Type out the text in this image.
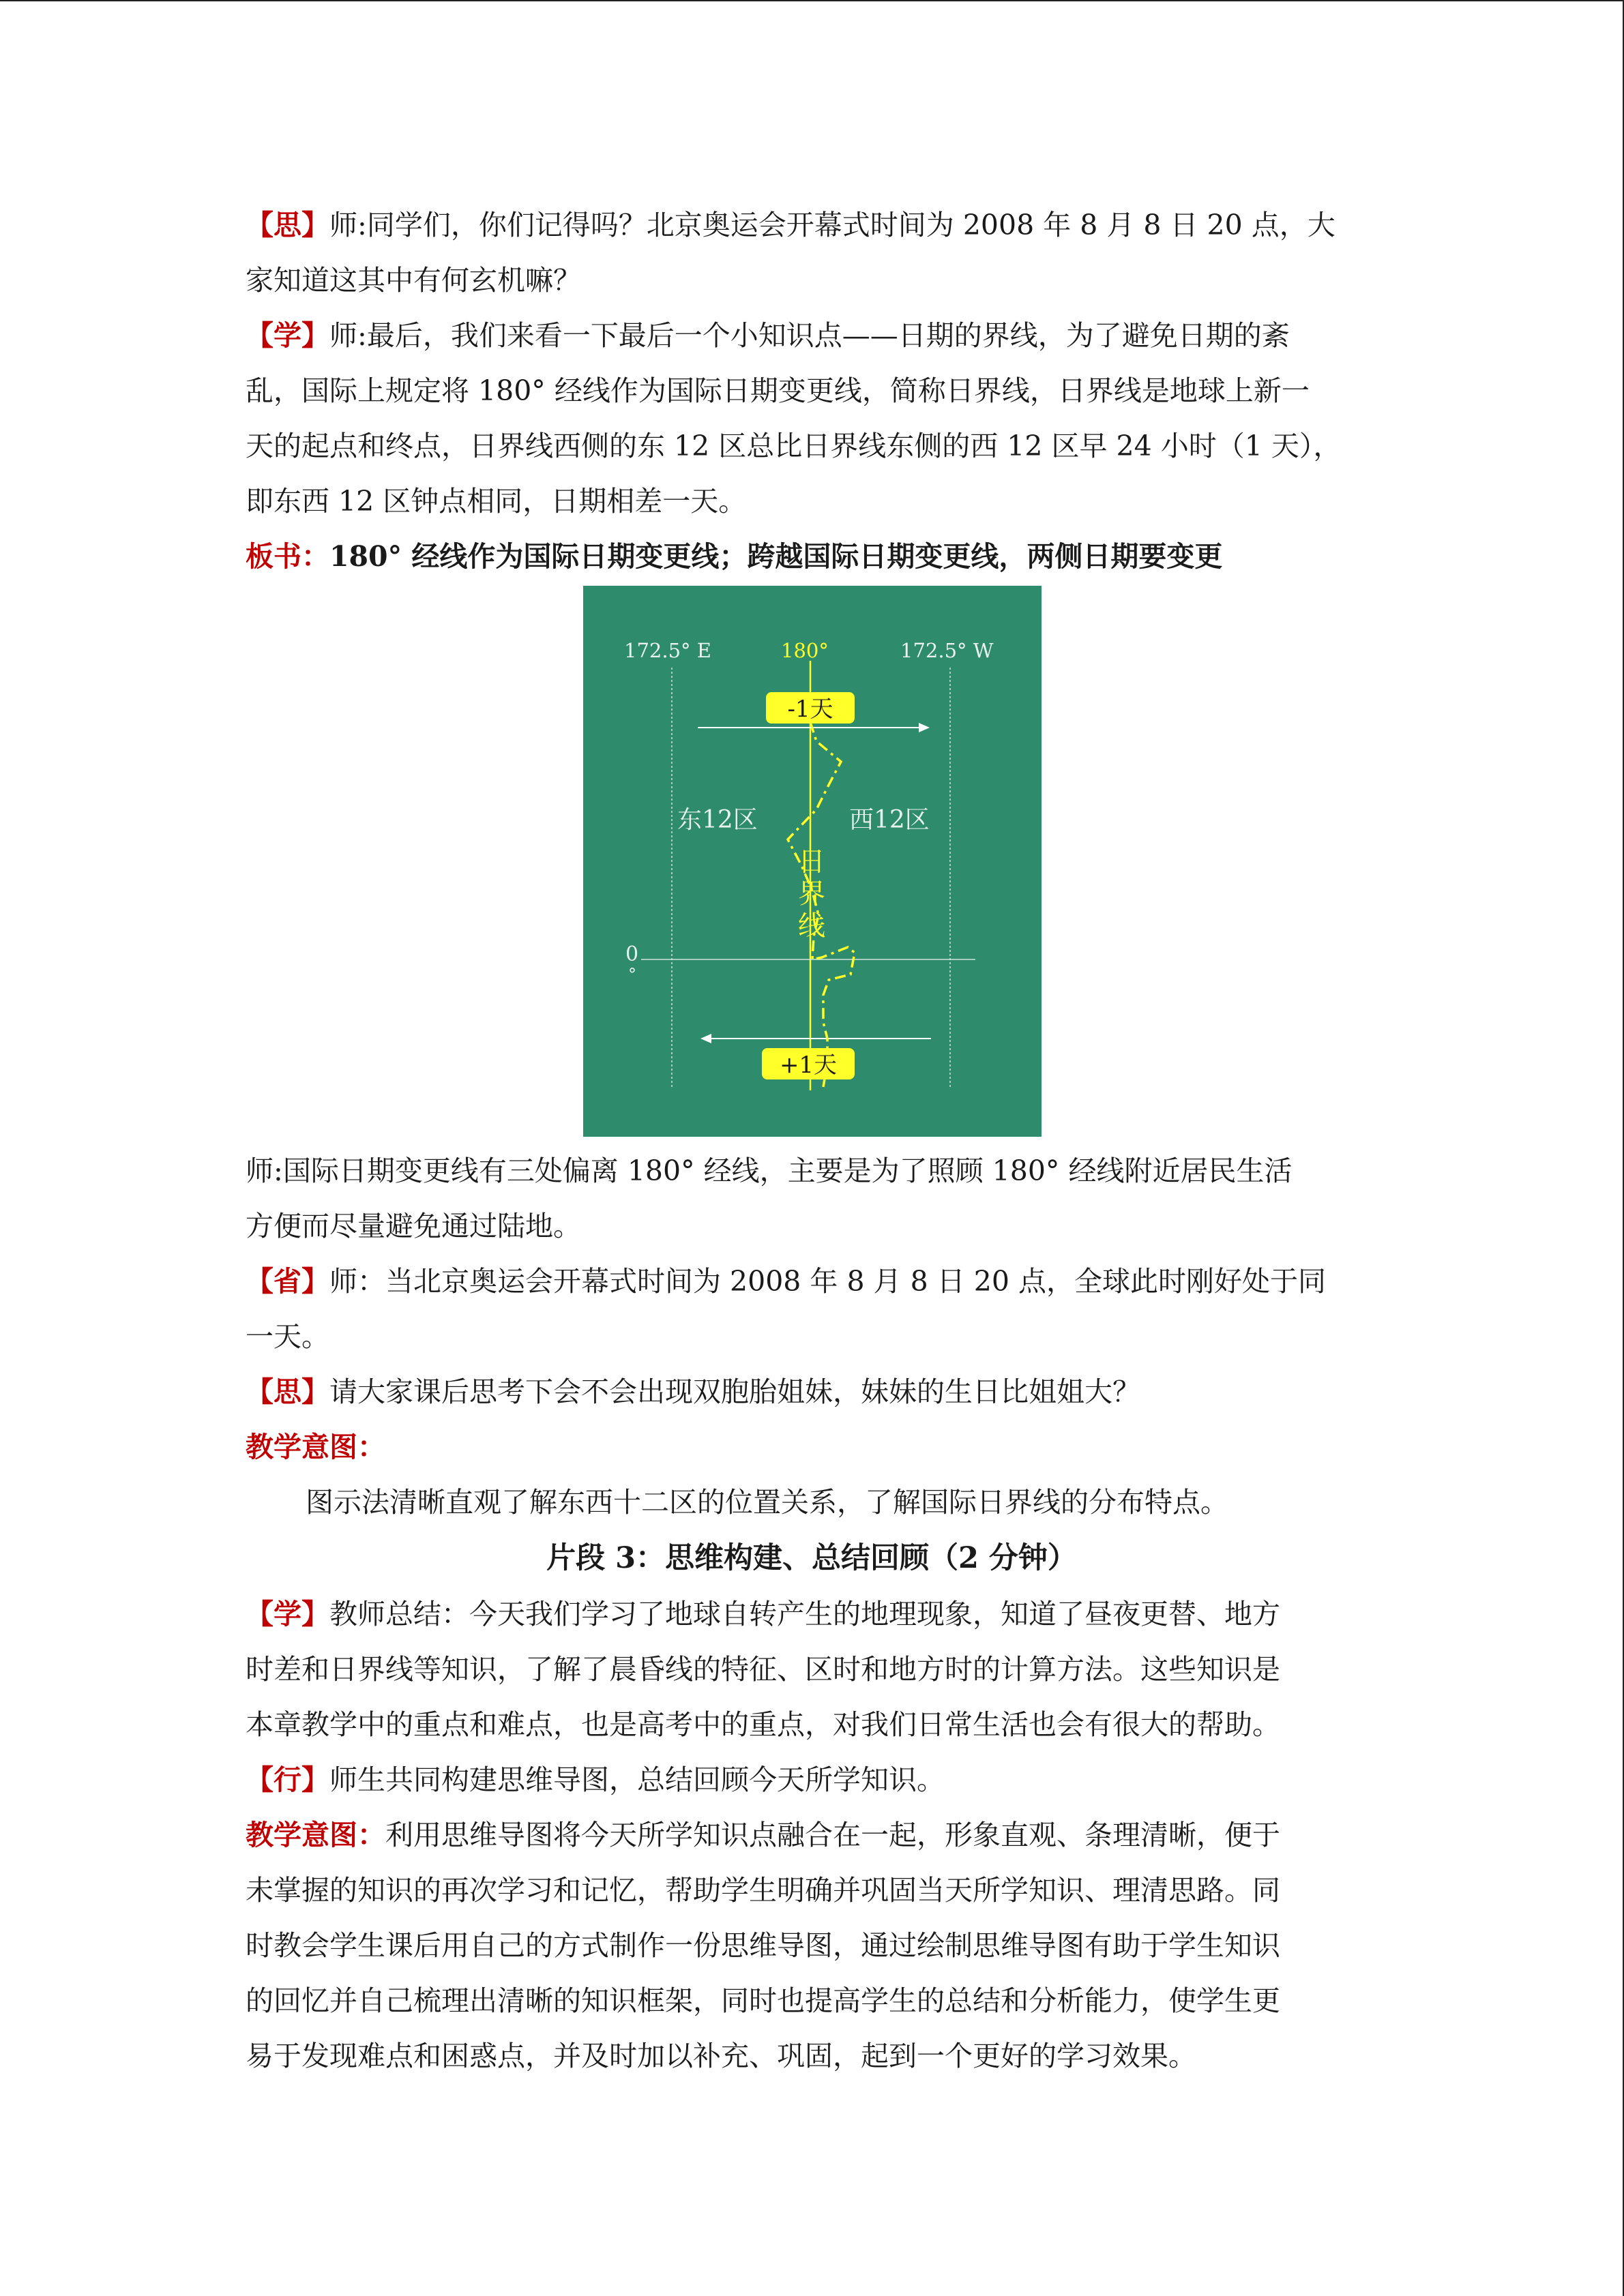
【思】师:同学们，你们记得吗？北京奥运会开幕式时间为 2008 年 8 月 8 日 20 点，大
家知道这其中有何玄机嘛？
【学】师:最后，我们来看一下最后一个小知识点——日期的界线，为了避免日期的紊
乱，国际上规定将 180° 经线作为国际日期变更线，简称日界线，日界线是地球上新一
天的起点和终点，日界线西侧的东 12 区总比日界线东侧的西 12 区早 24 小时（1 天），
即东西 12 区钟点相同，日期相差一天。
板书：180° 经线作为国际日期变更线；跨越国际日期变更线，两侧日期要变更
172.5° E	180°	172.5° W
东12区	西12区
日
界
线
0
°
-1天
+1天
师:国际日期变更线有三处偏离 180° 经线，主要是为了照顾 180° 经线附近居民生活
方便而尽量避免通过陆地。
【省】师：当北京奥运会开幕式时间为 2008 年 8 月 8 日 20 点，全球此时刚好处于同
一天。
【思】请大家课后思考下会不会出现双胞胎姐妹，妹妹的生日比姐姐大？
教学意图：
图示法清晰直观了解东西十二区的位置关系，了解国际日界线的分布特点。
片段 3：思维构建、总结回顾（2 分钟）
【学】教师总结：今天我们学习了地球自转产生的地理现象，知道了昼夜更替、地方
时差和日界线等知识，了解了晨昏线的特征、区时和地方时的计算方法。这些知识是
本章教学中的重点和难点，也是高考中的重点，对我们日常生活也会有很大的帮助。
【行】师生共同构建思维导图，总结回顾今天所学知识。
教学意图：利用思维导图将今天所学知识点融合在一起，形象直观、条理清晰，便于
未掌握的知识的再次学习和记忆，帮助学生明确并巩固当天所学知识、理清思路。同
时教会学生课后用自己的方式制作一份思维导图，通过绘制思维导图有助于学生知识
的回忆并自己梳理出清晰的知识框架，同时也提高学生的总结和分析能力，使学生更
易于发现难点和困惑点，并及时加以补充、巩固，起到一个更好的学习效果。
